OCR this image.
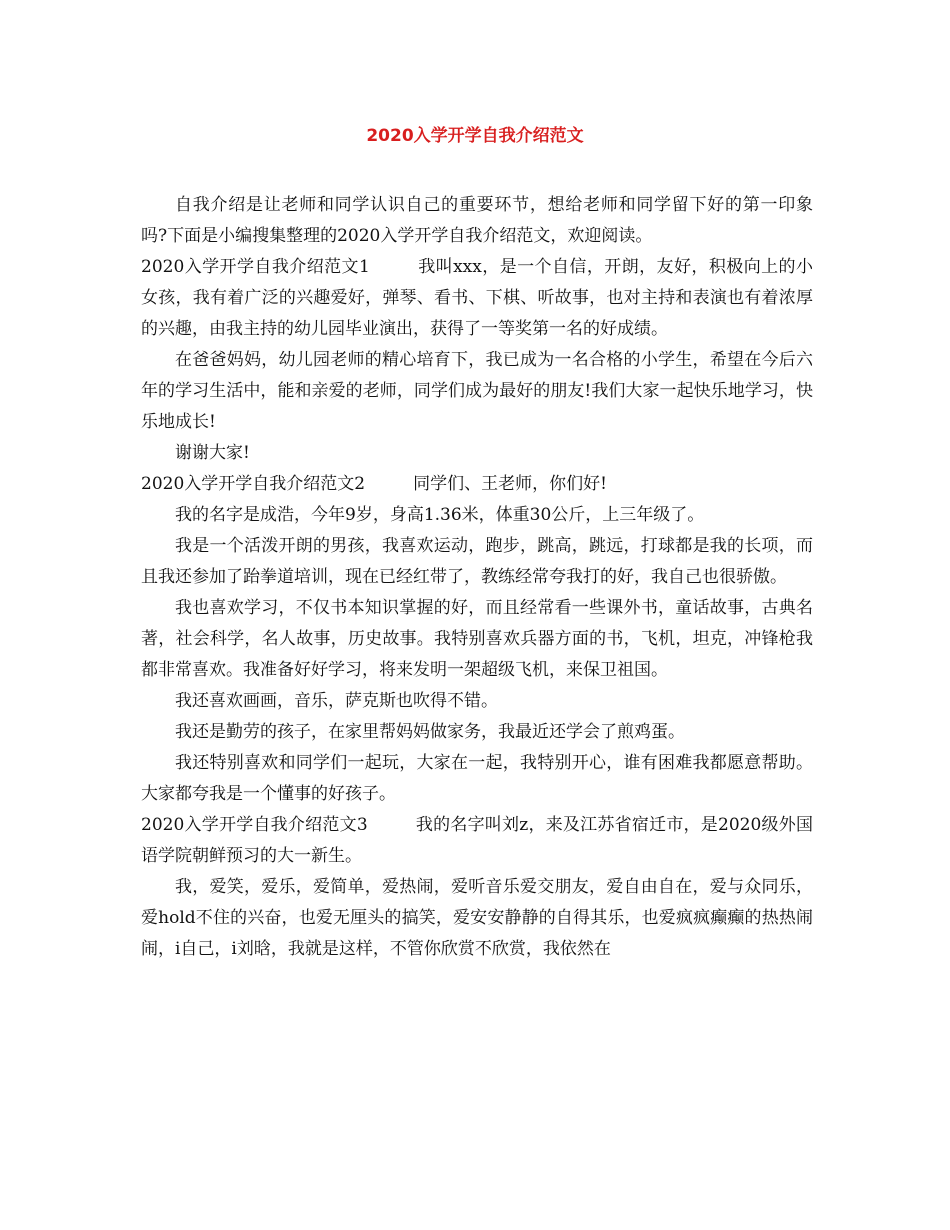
2020入学开学自我介绍范文

自我介绍是让老师和同学认识自己的重要环节，想给老师和同学留下好的第一印象吗?下面是小编搜集整理的2020入学开学自我介绍范文，欢迎阅读。

2020入学开学自我介绍范文1	我叫xxx，是一个自信，开朗，友好，积极向上的小女孩，我有着广泛的兴趣爱好，弹琴、看书、下棋、听故事，也对主持和表演也有着浓厚的兴趣，由我主持的幼儿园毕业演出，获得了一等奖第一名的好成绩。

在爸爸妈妈，幼儿园老师的精心培育下，我已成为一名合格的小学生，希望在今后六年的学习生活中，能和亲爱的老师，同学们成为最好的朋友!我们大家一起快乐地学习，快乐地成长!

谢谢大家!

2020入学开学自我介绍范文2	同学们、王老师，你们好!

我的名字是成浩，今年9岁，身高1.36米，体重30公斤，上三年级了。

我是一个活泼开朗的男孩，我喜欢运动，跑步，跳高，跳远，打球都是我的长项，而且我还参加了跆拳道培训，现在已经红带了，教练经常夸我打的好，我自己也很骄傲。

我也喜欢学习，不仅书本知识掌握的好，而且经常看一些课外书，童话故事，古典名著，社会科学，名人故事，历史故事。我特别喜欢兵器方面的书，飞机，坦克，冲锋枪我都非常喜欢。我准备好好学习，将来发明一架超级飞机，来保卫祖国。

我还喜欢画画，音乐，萨克斯也吹得不错。

我还是勤劳的孩子，在家里帮妈妈做家务，我最近还学会了煎鸡蛋。

我还特别喜欢和同学们一起玩，大家在一起，我特别开心，谁有困难我都愿意帮助。大家都夸我是一个懂事的好孩子。

2020入学开学自我介绍范文3	我的名字叫刘z，来及江苏省宿迁市，是2020级外国语学院朝鲜预习的大一新生。

我，爱笑，爱乐，爱简单，爱热闹，爱听音乐爱交朋友，爱自由自在，爱与众同乐，爱hold不住的兴奋，也爱无厘头的搞笑，爱安安静静的自得其乐，也爱疯疯癫癫的热热闹闹，i自己，i刘晗，我就是这样，不管你欣赏不欣赏，我依然在
